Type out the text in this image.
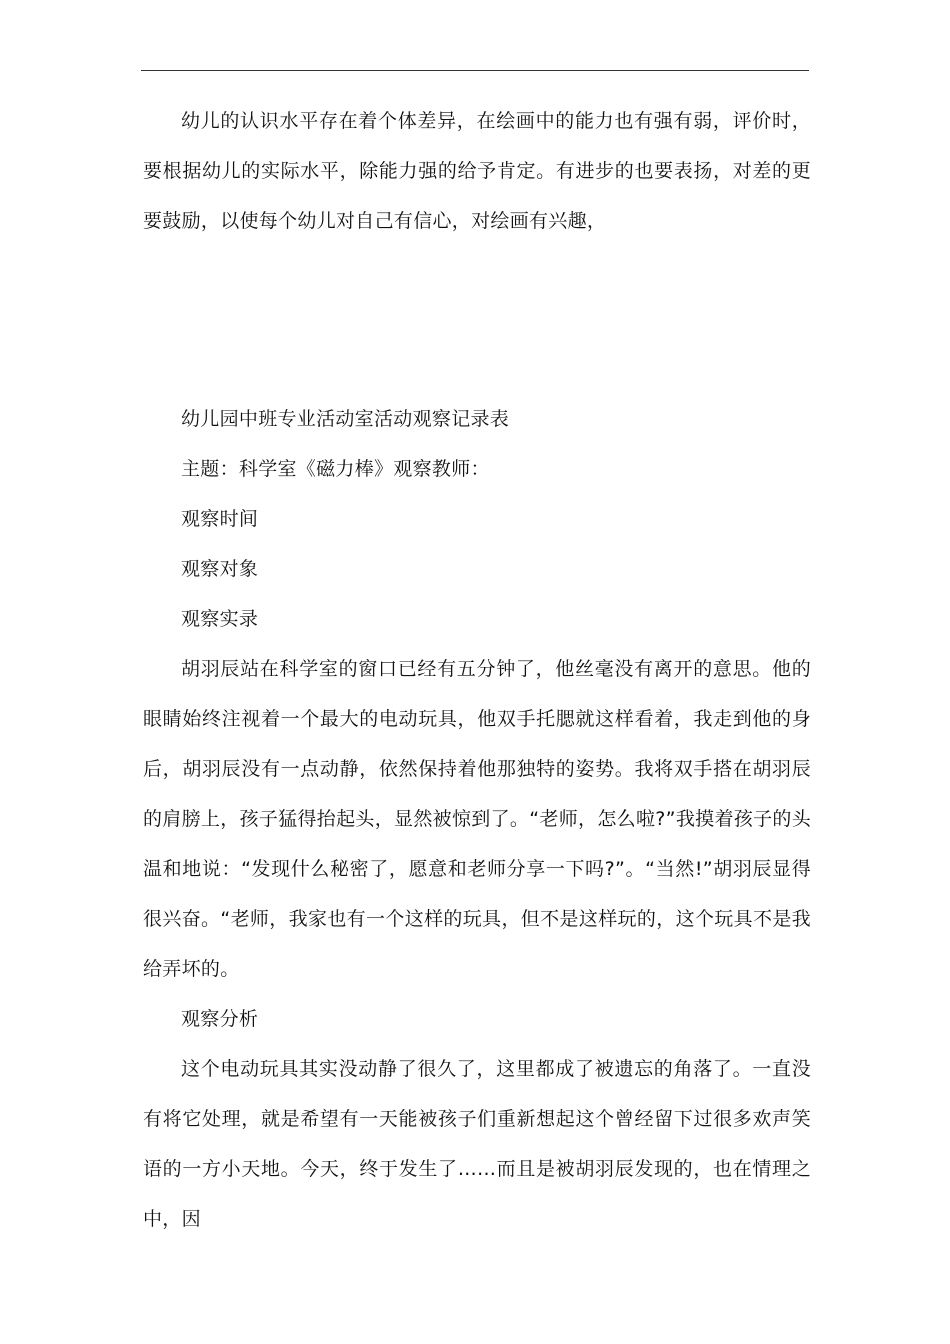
幼儿的认识水平存在着个体差异，在绘画中的能力也有强有弱，评价时，要根据幼儿的实际水平，除能力强的给予肯定。有进步的也要表扬，对差的更要鼓励，以使每个幼儿对自己有信心，对绘画有兴趣，

幼儿园中班专业活动室活动观察记录表

主题：科学室《磁力棒》观察教师：

观察时间

观察对象

观察实录

胡羽辰站在科学室的窗口已经有五分钟了，他丝毫没有离开的意思。他的眼睛始终注视着一个最大的电动玩具，他双手托腮就这样看着，我走到他的身后，胡羽辰没有一点动静，依然保持着他那独特的姿势。我将双手搭在胡羽辰的肩膀上，孩子猛得抬起头，显然被惊到了。“老师，怎么啦?”我摸着孩子的头温和地说：“发现什么秘密了，愿意和老师分享一下吗?”。“当然!”胡羽辰显得很兴奋。“老师，我家也有一个这样的玩具，但不是这样玩的，这个玩具不是我给弄坏的。

观察分析

这个电动玩具其实没动静了很久了，这里都成了被遗忘的角落了。一直没有将它处理，就是希望有一天能被孩子们重新想起这个曾经留下过很多欢声笑语的一方小天地。今天，终于发生了……而且是被胡羽辰发现的，也在情理之中，因
